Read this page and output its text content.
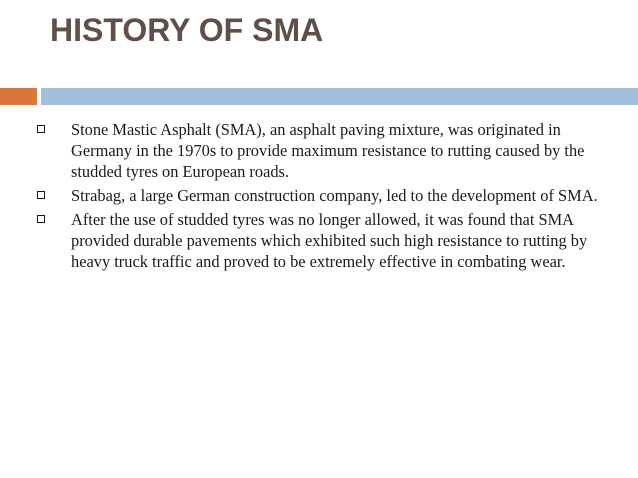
HISTORY OF SMA
Stone Mastic Asphalt (SMA), an asphalt paving mixture, was originated in Germany in the 1970s to provide maximum resistance to rutting caused by the studded tyres on European roads.
Strabag, a large German construction company, led to the development of SMA.
After the use of studded tyres was no longer allowed, it was found that SMA provided durable pavements which exhibited such high resistance to rutting by heavy truck traffic and proved to be extremely effective in combating wear.
